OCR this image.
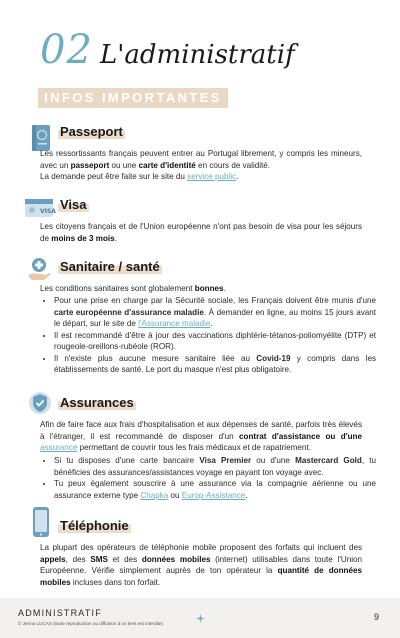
02 L'administratif
INFOS IMPORTANTES
Passeport
Les ressortissants français peuvent entrer au Portugal librement, y compris les mineurs, avec un passeport ou une carte d'identité en cours de validité.
La demande peut être faite sur le site du service public.
VISA Visa
Les citoyens français et de l'Union européenne n'ont pas besoin de visa pour les séjours de moins de 3 mois.
Sanitaire / santé
Les conditions sanitaires sont globalement bonnes.
• Pour une prise en charge par la Sécurité sociale, les Français doivent être munis d'une carte européenne d'assurance maladie. À demander en ligne, au moins 15 jours avant le départ, sur le site de l'Assurance maladie.
• Il est recommandé d'être à jour des vaccinations diphtérie-tétanos-poliomyélite (DTP) et rougeole-oreillons-rubéole (ROR).
• Il n'existe plus aucune mesure sanitaire liée au Covid-19 y compris dans les établissements de santé. Le port du masque n'est plus obligatoire.
Assurances
Afin de faire face aux frais d'hospitalisation et aux dépenses de santé, parfois très élevés à l'étranger, il est recommandé de disposer d'un contrat d'assistance ou d'une assurance permettant de couvrir tous les frais médicaux et de rapatriement.
• Si tu disposes d'une carte bancaire Visa Premier ou d'une Mastercard Gold, tu bénéficies des assurances/assistances voyage en payant ton voyage avec.
• Tu peux également souscrire à une assurance via la compagnie aérienne ou une assurance externe type Chapka ou Europ-Assistance.
Téléphonie
La plupart des opérateurs de téléphonie mobile proposent des forfaits qui incluent des appels, des SMS et des données mobiles (internet) utilisables dans toute l'Union Européenne. Vérifie simplement auprès de ton opérateur la quantité de données mobiles incluses dans ton forfait.
ADMINISTRATIF
© Jenna LUCAS (toute reproduction ou diffusion à un tiers est interdite)
9
